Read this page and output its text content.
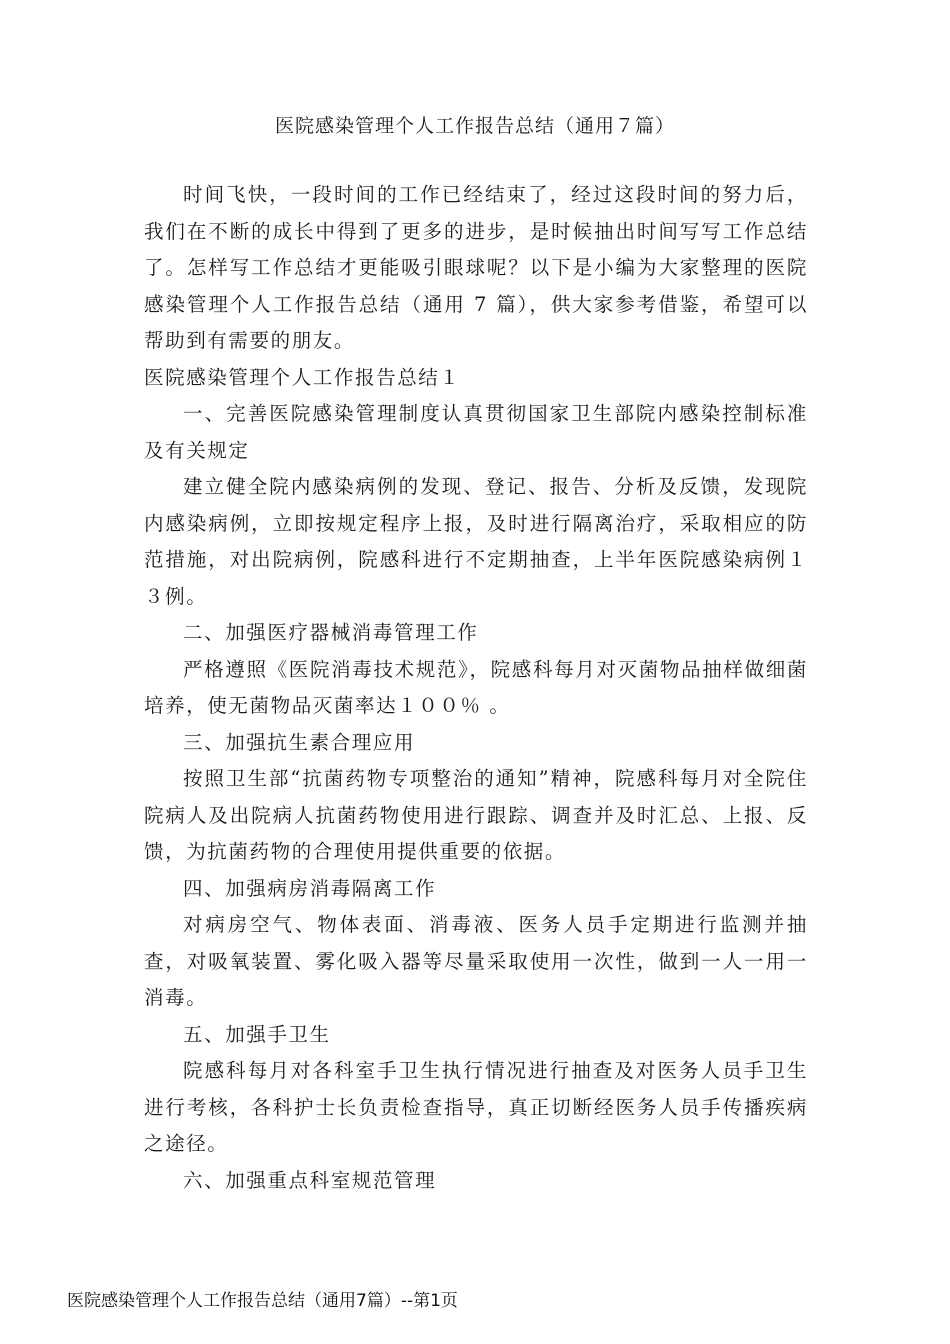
医院感染管理个人工作报告总结（通用７篇）

时间飞快，一段时间的工作已经结束了，经过这段时间的努力后，我们在不断的成长中得到了更多的进步，是时候抽出时间写写工作总结了。怎样写工作总结才更能吸引眼球呢？以下是小编为大家整理的医院感染管理个人工作报告总结（通用 7 篇），供大家参考借鉴，希望可以帮助到有需要的朋友。

医院感染管理个人工作报告总结１

一、完善医院感染管理制度认真贯彻国家卫生部院内感染控制标准及有关规定

建立健全院内感染病例的发现、登记、报告、分析及反馈，发现院内感染病例，立即按规定程序上报，及时进行隔离治疗，采取相应的防范措施，对出院病例，院感科进行不定期抽查，上半年医院感染病例１３例。

二、加强医疗器械消毒管理工作

严格遵照《医院消毒技术规范》，院感科每月对灭菌物品抽样做细菌培养，使无菌物品灭菌率达１００％ 。

三、加强抗生素合理应用

按照卫生部“抗菌药物专项整治的通知”精神，院感科每月对全院住院病人及出院病人抗菌药物使用进行跟踪、调查并及时汇总、上报、反馈，为抗菌药物的合理使用提供重要的依据。

四、加强病房消毒隔离工作

对病房空气、物体表面、消毒液、医务人员手定期进行监测并抽查，对吸氧装置、雾化吸入器等尽量采取使用一次性，做到一人一用一消毒。

五、加强手卫生

院感科每月对各科室手卫生执行情况进行抽查及对医务人员手卫生进行考核，各科护士长负责检查指导，真正切断经医务人员手传播疾病之途径。

六、加强重点科室规范管理

医院感染管理个人工作报告总结（通用7篇）--第1页
